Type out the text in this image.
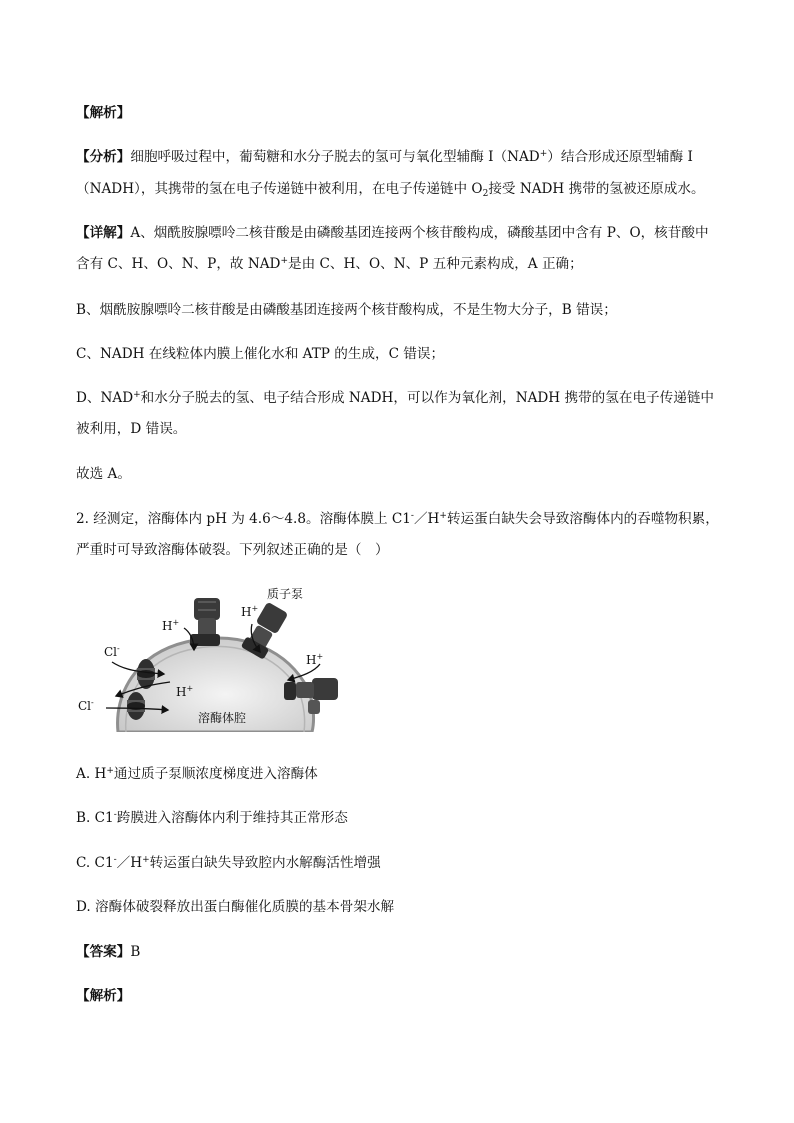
【解析】
【分析】细胞呼吸过程中，葡萄糖和水分子脱去的氢可与氧化型辅酶 I（NAD+）结合形成还原型辅酶 I
（NADH），其携带的氢在电子传递链中被利用，在电子传递链中 $O_2$接受 NADH 携带的氢被还原成水。
【详解】A、烟酰胺腺嘌呤二核苷酸是由磷酸基团连接两个核苷酸构成，磷酸基团中含有 P、O，核苷酸中
含有 C、H、O、N、P，故 NAD+是由 C、H、O、N、P 五种元素构成，A 正确；
B、烟酰胺腺嘌呤二核苷酸是由磷酸基团连接两个核苷酸构成，不是生物大分子，B 错误；
C、NADH 在线粒体内膜上催化水和 ATP 的生成，C 错误；
D、NAD+和水分子脱去的氢、电子结合形成 NADH，可以作为氧化剂，NADH 携带的氢在电子传递链中
被利用，D 错误。
故选 A。
2. 经测定，溶酶体内 pH 为 4.6～4.8。溶酶体膜上 C1-／H+转运蛋白缺失会导致溶酶体内的吞噬物积累，
严重时可导致溶酶体破裂。下列叙述正确的是（　）
质子泵
H+
H+
H+
H+
Cl-
Cl-
溶酶体腔
A. H+通过质子泵顺浓度梯度进入溶酶体
B. C1-跨膜进入溶酶体内利于维持其正常形态
C. C1-／H+转运蛋白缺失导致腔内水解酶活性增强
D. 溶酶体破裂释放出蛋白酶催化质膜的基本骨架水解
【答案】B
【解析】
